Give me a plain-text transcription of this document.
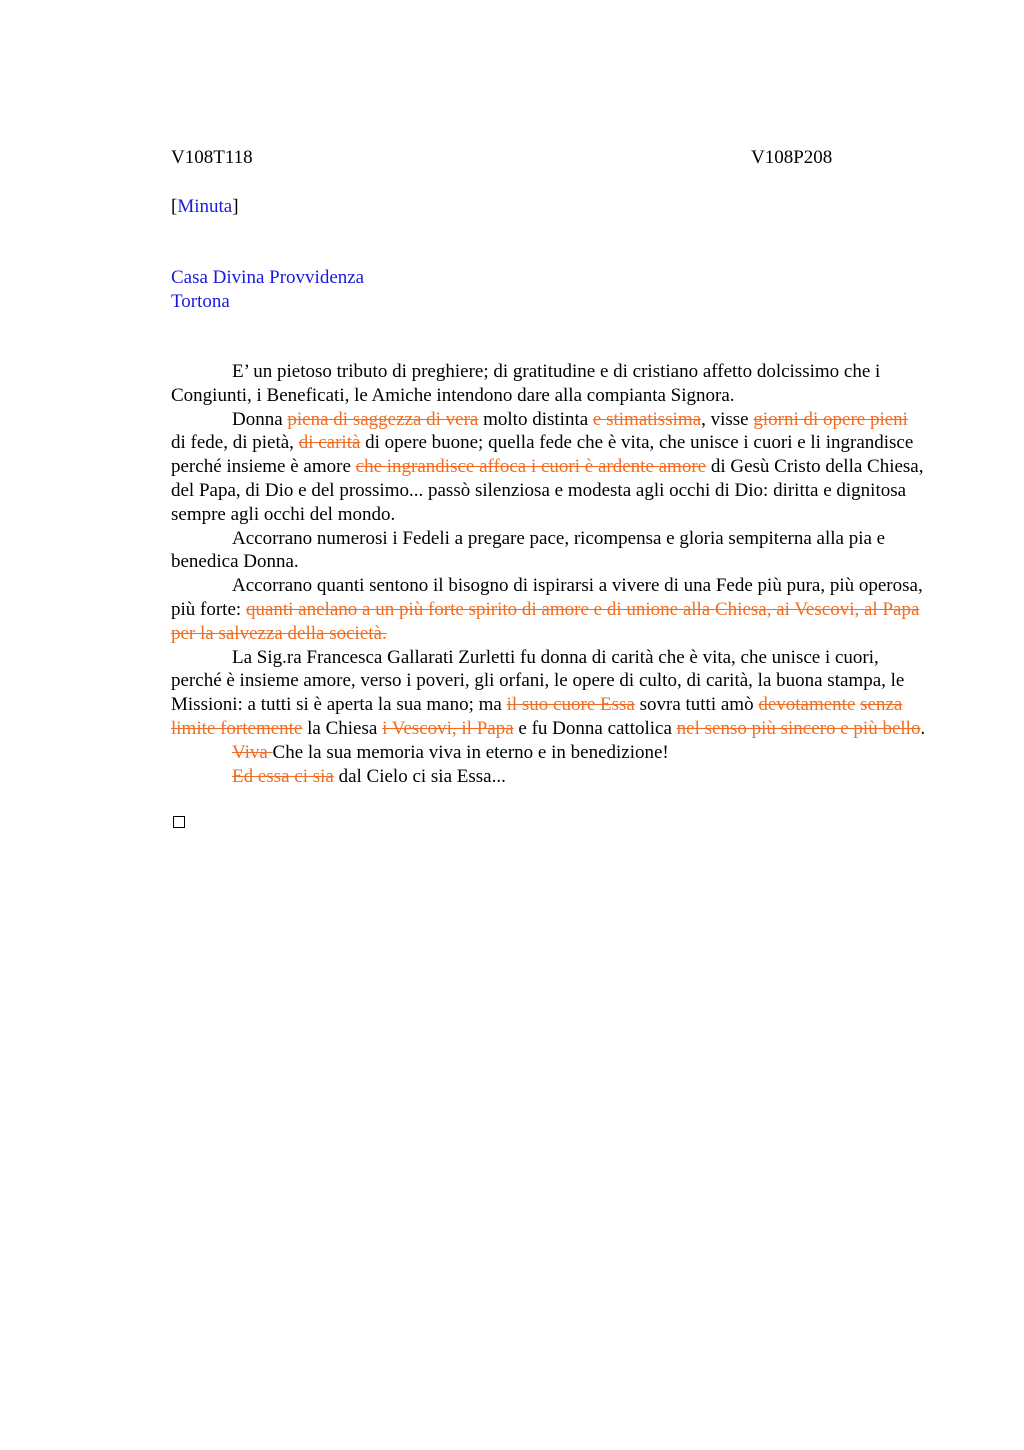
V108T118	V108P208
[Minuta]
Casa Divina Provvidenza
Tortona

E’ un pietoso tributo di preghiere; di gratitudine e di cristiano affetto dolcissimo che i Congiunti, i Beneficati, le Amiche intendono dare alla compianta Signora.

Donna piena di saggezza di vera molto distinta e stimatissima, visse giorni di opere pieni di fede, di pietà, di carità di opere buone; quella fede che è vita, che unisce i cuori e li ingrandisce perché insieme è amore che ingrandisce affoca i cuori è ardente amore di Gesù Cristo della Chiesa, del Papa, di Dio e del prossimo... passò silenziosa e modesta agli occhi di Dio: diritta e dignitosa sempre agli occhi del mondo.

Accorrano numerosi i Fedeli a pregare pace, ricompensa e gloria sempiterna alla pia e benedica Donna.

Accorrano quanti sentono il bisogno di ispirarsi a vivere di una Fede più pura, più operosa, più forte: quanti anelano a un più forte spirito di amore e di unione alla Chiesa, ai Vescovi, al Papa per la salvezza della società.

La Sig.ra Francesca Gallarati Zurletti fu donna di carità che è vita, che unisce i cuori, perché è insieme amore, verso i poveri, gli orfani, le opere di culto, di carità, la buona stampa, le Missioni: a tutti si è aperta la sua mano; ma il suo cuore Essa sovra tutti amò devotamente senza limite fortemente la Chiesa i Vescovi, il Papa e fu Donna cattolica nel senso più sincero e più bello.

Viva Che la sua memoria viva in eterno e in benedizione!

Ed essa ci sia dal Cielo ci sia Essa...
